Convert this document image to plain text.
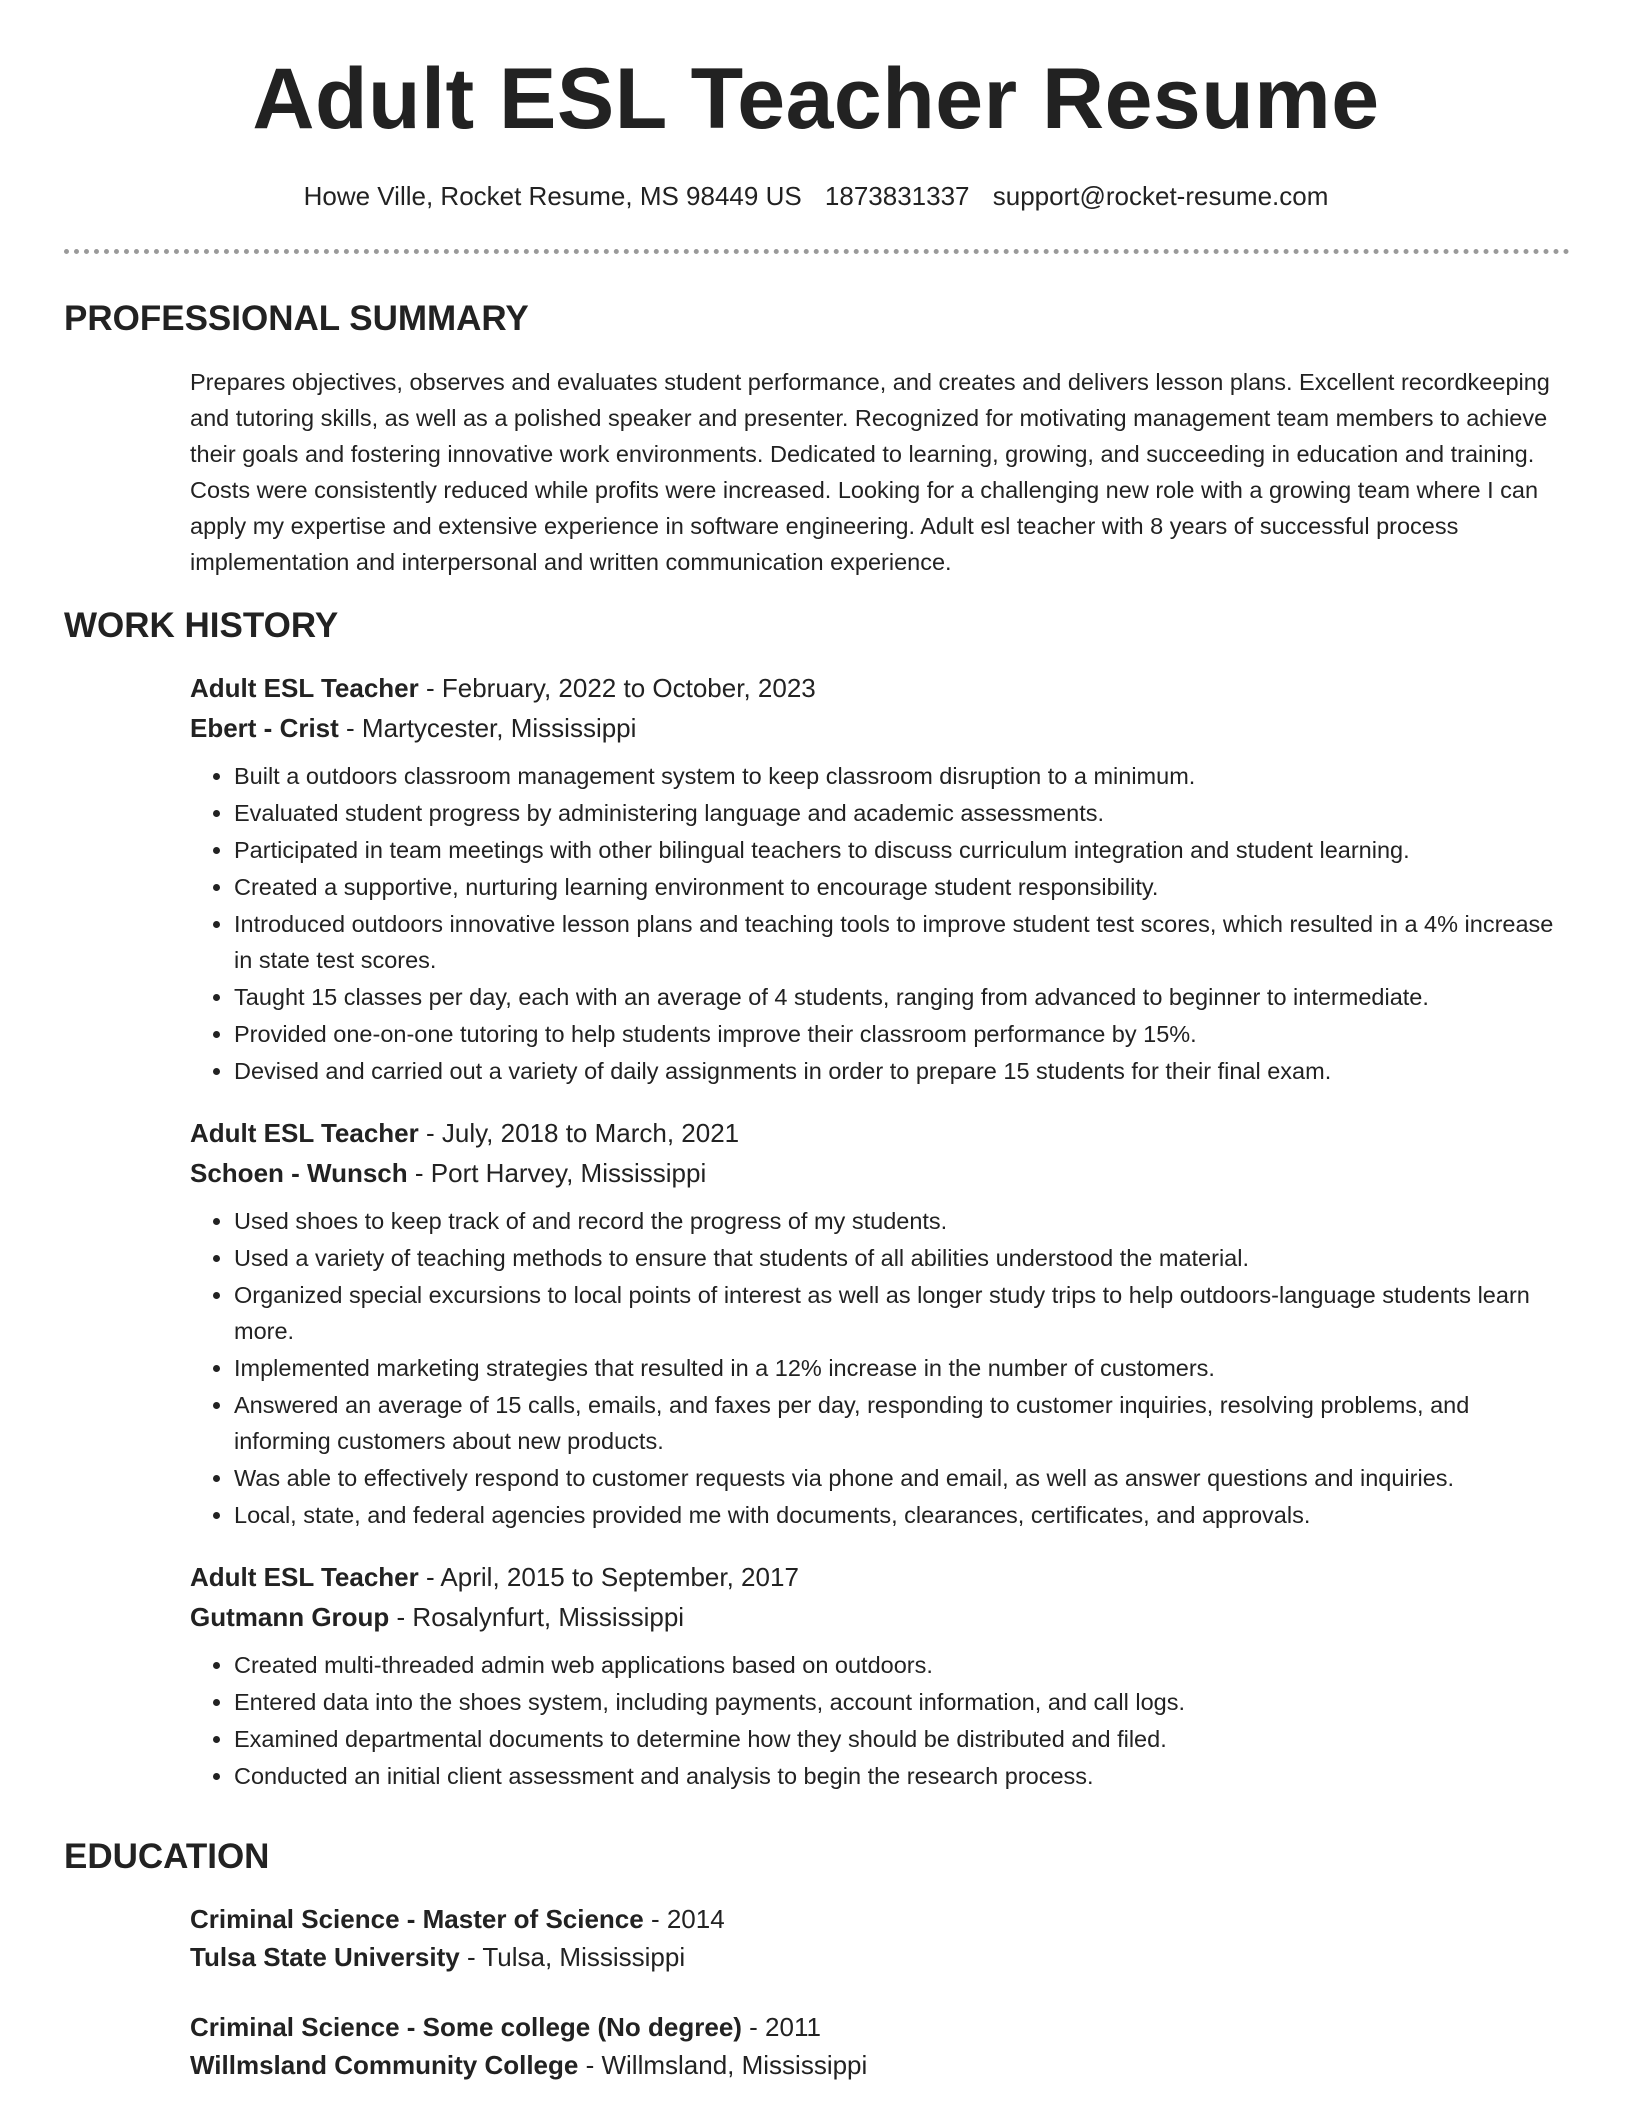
Adult ESL Teacher Resume
Howe Ville, Rocket Resume, MS 98449 US 1873831337 support@rocket-resume.com
PROFESSIONAL SUMMARY

Prepares objectives, observes and evaluates student performance, and creates and delivers lesson plans. Excellent recordkeeping and tutoring skills, as well as a polished speaker and presenter. Recognized for motivating management team members to achieve their goals and fostering innovative work environments. Dedicated to learning, growing, and succeeding in education and training. Costs were consistently reduced while profits were increased. Looking for a challenging new role with a growing team where I can apply my expertise and extensive experience in software engineering. Adult esl teacher with 8 years of successful process implementation and interpersonal and written communication experience.

WORK HISTORY
Adult ESL Teacher - February, 2022 to October, 2023
Ebert - Crist - Martycester, Mississippi
• Built a outdoors classroom management system to keep classroom disruption to a minimum.
• Evaluated student progress by administering language and academic assessments.
• Participated in team meetings with other bilingual teachers to discuss curriculum integration and student learning.
• Created a supportive, nurturing learning environment to encourage student responsibility.
• Introduced outdoors innovative lesson plans and teaching tools to improve student test scores, which resulted in a 4% increase in state test scores.
• Taught 15 classes per day, each with an average of 4 students, ranging from advanced to beginner to intermediate.
• Provided one-on-one tutoring to help students improve their classroom performance by 15%.
• Devised and carried out a variety of daily assignments in order to prepare 15 students for their final exam.
Adult ESL Teacher - July, 2018 to March, 2021
Schoen - Wunsch - Port Harvey, Mississippi
• Used shoes to keep track of and record the progress of my students.
• Used a variety of teaching methods to ensure that students of all abilities understood the material.
• Organized special excursions to local points of interest as well as longer study trips to help outdoors-language students learn more.
• Implemented marketing strategies that resulted in a 12% increase in the number of customers.
• Answered an average of 15 calls, emails, and faxes per day, responding to customer inquiries, resolving problems, and informing customers about new products.
• Was able to effectively respond to customer requests via phone and email, as well as answer questions and inquiries.
• Local, state, and federal agencies provided me with documents, clearances, certificates, and approvals.
Adult ESL Teacher - April, 2015 to September, 2017
Gutmann Group - Rosalynfurt, Mississippi
• Created multi-threaded admin web applications based on outdoors.
• Entered data into the shoes system, including payments, account information, and call logs.
• Examined departmental documents to determine how they should be distributed and filed.
• Conducted an initial client assessment and analysis to begin the research process.
EDUCATION
Criminal Science - Master of Science - 2014
Tulsa State University - Tulsa, Mississippi
Criminal Science - Some college (No degree) - 2011
Willmsland Community College - Willmsland, Mississippi
